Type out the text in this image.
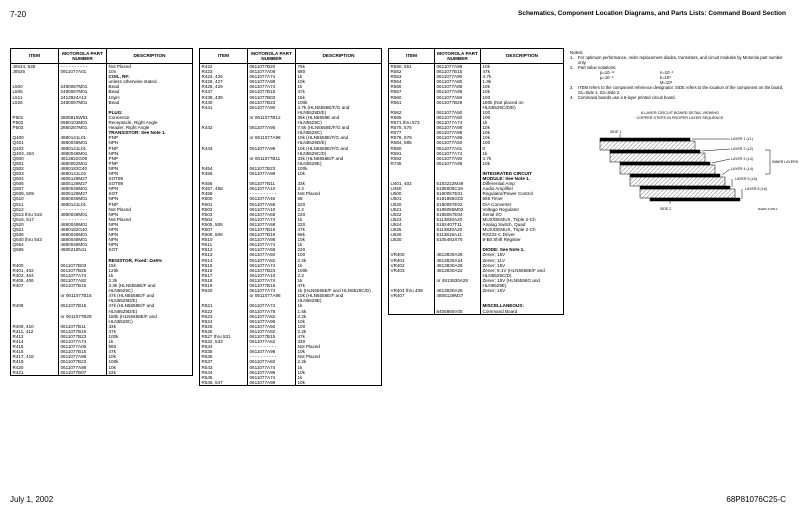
7-20	Schematics, Component Location Diagrams, and Parts Lists: Command Board Section
ITEM	MOTOROLA PART NUMBER	DESCRIPTION
J0534, 535	- - - - - - - - - -	Not Placed
J0536	0911077A01	10n
		COIL, RF:
		unless otherwise stated
L500	2480067M01	Bead
L505	2480067M01	Bead
L511	2413924A13	10µH
L526	2480067M01	Bead

		PLUG:
P501	2805815W01	Connector
P502	0980103M01	Receptacle, Right Angle
P503	2880287M01	Header, Right Angle
		TRANSISTOR: See Note 1.
Q400	4880141L01	PNP
Q401	4880048M01	NPN
Q402	4880141L01	PNP
Q403, 404	4880048M01	NPN
Q500	4813822G09	PNP
Q501	4880052M01	PNP
Q502	4880182G40	NPN
Q503	4880141L02	NPN
Q504	4805128M27	SOT89
Q505	4805128M27	SOT89
Q507	4880048M01	NPN
Q508, 509	4805128M27	SOT
Q510	4880048M01	NPN
Q511	4880141L01	PNP
Q512	- - - - - - - - - -	Not Placed
Q513 thru 515	4880048M01	NPN
Q516, 517	- - - - - - - - - -	Not Placed
Q520	4880048M01	NPN
Q521	4880182G40	NPN
Q536	4880048M01	NPN
Q540 thru 543	4880048M01	NPN
Q554	4880048M01	NPN
Q555	4805218N11	SOT

		RESISTOR, Fixed: Ω±5%
R400	0611077B03	15k
R401, 402	0611077B25	120k
R403, 404	0611077A74	1k
R405, 406	0611077A82	2.2k
R407	0611077B15	3.3k (HLN5558E/F and
		HLN5529C)
	or 0611077B15	47k (HLN5558E/F and
		HLN5529D/E)
R408	0611077B15	47k (HLN5558E/F and
		HLN5529D/E)
	or 0611077B29	180k (HLN5558E/F and
		HLN5529C)
R409, 410	0611077B11	33k
R411, 412	0611077B15	47k
R413	0611077B23	100k
R414	0611077A74	1k
R415	0611077A06	560
R416	0611077B15	47k
R417, 418	0611077A98	10k
R419	0611077B23	100k
R420	0611077A98	10k
R421	0611077B07	22k
ITEM	MOTOROLA PART NUMBER	DESCRIPTION
R422	0611077B20	75k
R423	0611077A08	680
R424, 425	0611077A74	1k
R426, 427	0611077A98	10k
R428, 429	0611077A74	1k
R437	0611077B15	47k
R438, 439	0611077B03	15k
R440	0611077B23	100k
R441	0611077A90	4.7k (HLN5558E/F/G and
		HLN5529D/E)
	or 0611077B12	36k (HLN5558E and
		HLN5529C)
R442	0611077A95	7.5k (HLN5558E/F/G and
		HLN5529C)
	or 0611077A98	10k (HLN5558E/F/G and
		HLN5529D/E)
R443	0611077A98	10k (HLN5558E/F/G and
		HLN5529C/D)
	or 0611077B11	33k (HLN5558E/F and
		HLN5529E)
R454	0611077B23	100k
R455	0611077A98	10k

R456	0611077B11	33k
R457, 458	0611077A10	2.2
R459	- - - - - - - - - -	Not Placed
R500	0611077A46	68
R501	0611077A58	220
R502	0611077A10	2.2
R503	0611077A58	220
R504	0611077A74	1k
R505, 506	0611077A58	220
R507	0611077B15	47k
R508, 509	0611077B19	68k
R510	0611077A98	10k
R511	0611077A74	1k
R512	0611077A58	220
R513	0611077A50	100
R514	0611077A82	2.2k
R515	0611077A74	1k
R516	0611077B23	100k
R517	0611077A10	2.2
R518	0611077A74	1k
R519	0611077B15	47k
R520	0611077A74	1k (HLN5558E/F and HLN5529C/D)
	or 0611077A98	10k (HLN5558E/F and
		HLN5529E)
R521	0611077A74	1k
R522	0611077A78	1.5k
R523	0611077A82	2.2k
R524	0611077A98	10k
R525	0611077A50	100
R526	0611077A82	2.2k
R527 thru 531	0611077B15	47k
R532, 533	0611077A62	330
R534	- - - - - - - - - -	Not Placed
R535	0611077A98	10k
R536	- - - - - - - - - -	Not Placed
R537	0611077A82	2.2k
R543	0611077A74	1k
R544	0611077A98	10k
R545	0611077A74	1k
R546, 547	0611077A98	10k
ITEM	MOTOROLA PART NUMBER	DESCRIPTION
R550, 551	0611077A98	10k
R552	0611077B15	47k
R553	0611077A90	4.7k
R554	0611077A80	1.8k
R555	0611077A98	10k
R557	0611077A98	10k
R560	0611077A50	100
R561	0611077B29	180k (Not placed on
		HLN5529C/D/E)
R562	0611077A50	100
R565	0611077A50	100
R571 thru 573	0611077A74	1k
R575, 576	0611077A98	10k
R577	0611077A98	10k
R578, 579	0611077A98	10k
R584, 585	0611077A50	100
R590	0611077A01	0
R591	0611077A74	1k
R592	0611077A90	4.7k
R745	0611077A98	10k

		INTEGRATED CIRCUIT
		MODULE: See Note 1.
U401, 402	5183222M49	Differential Amp
U450	5185005C19	Audio Amplifier
U500	5180057E01	Regulator/Power Control
U501	5181855G02	555 Timer
U520	5180057E02	D/A Converter
U521	5185055M02	Voltage Regulator
U522	5185057E04	Serial I/O
U523	5113830A20	MUX/DEMUX, Triple 2-Ch
U524	5182407T11	Analog Switch, Quad
U525	5113830A20	MUX/DEMUX, Triple 2-Ch
U526	5113818A11	RS232-C Driver
U530	5105492X76	8-Bit Shift Register

		DIODE: See Note 1.
VR400	4813830A28	Zener; 15V
VR401	4813830A24	Zener; 11V
VR402	4813830A28	Zener; 15V
VR403	4813830A22	Zener; 9.1V (HLN5558E/F and
		HLN5529C/D)
	or 4813830A28	Zener; 15V (HLN5558G and
		HLN5529E)
VR404 thru 408	4813830A28	Zener; 15V
VR407	4805129M27	

		MISCELLANEOUS:
	8405865V05	Command Board
Notes:
1.	For optimum performance, order replacement diodes, transistors, and circuit modules by Motorola part number only.
2.	Part value notations:
p=10⁻¹²	n=10⁻⁹
µ=10⁻⁶	k=10³
M=10⁶
3.	ITEM refers to the component reference designator. SIDE refers to the location of the component on the board. S1=Side 1, S2=Side 2.
4.	Command boards use a 6-layer printed circuit board.
6-LAYER CIRCUIT BOARD DETAIL VIEWING
COPPER STEPS IN PROPER LAYER SEQUENCE
SIDE 1
SIDE 2
LAYER 1 (L1)
LAYER 2 (L2)
LAYER 3 (L3)
LAYER 4 (L4)
LAYER 5 (L5)
LAYER 6 (L6)
INNER LAYERS
MAEPF-27186-A
July 1, 2002	68P81076C25-C
